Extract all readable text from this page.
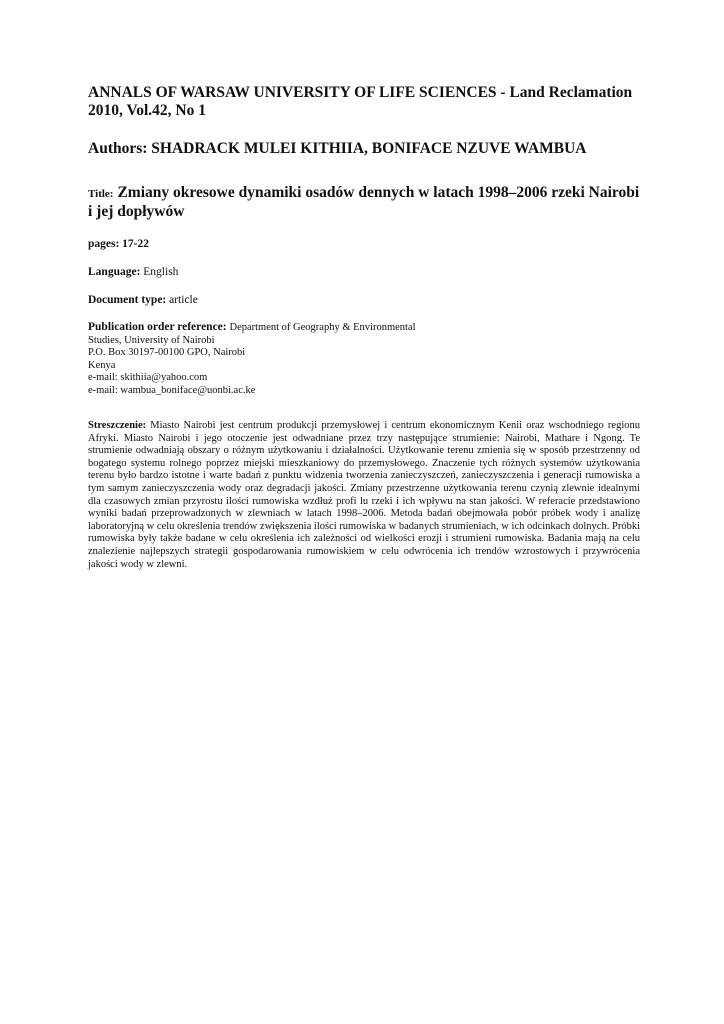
ANNALS OF WARSAW UNIVERSITY OF LIFE SCIENCES - Land Reclamation
2010, Vol.42, No 1
Authors: SHADRACK MULEI KITHIIA, BONIFACE NZUVE WAMBUA
Title: Zmiany okresowe dynamiki osadów dennych w latach 1998–2006 rzeki Nairobi i jej dopływów
pages: 17-22
Language: English
Document type: article
Publication order reference: Department of Geography & Environmental
Studies, University of Nairobi
P.O. Box 30197-00100 GPO, Nairobi
Kenya
e-mail: skithiia@yahoo.com
e-mail: wambua_boniface@uonbi.ac.ke
Streszczenie: Miasto Nairobi jest centrum produkcji przemysłowej i centrum ekonomicznym Kenii oraz wschodniego regionu Afryki. Miasto Nairobi i jego otoczenie jest odwadniane przez trzy następujące strumienie: Nairobi, Mathare i Ngong. Te strumienie odwadniają obszary o różnym użytkowaniu i działalności. Użytkowanie terenu zmienia się w sposób przestrzenny od bogatego systemu rolnego poprzez miejski mieszkaniowy do przemysłowego. Znaczenie tych różnych systemów użytkowania terenu było bardzo istotne i warte badań z punktu widzenia tworzenia zanieczyszczeń, zanieczyszczenia i generacji rumowiska a tym samym zanieczyszczenia wody oraz degradacji jakości. Zmiany przestrzenne użytkowania terenu czynią zlewnie idealnymi dla czasowych zmian przyrostu ilości rumowiska wzdłuż profi lu rzeki i ich wpływu na stan jakości. W referacie przedstawiono wyniki badań przeprowadzonych w zlewniach w latach 1998–2006. Metoda badań obejmowała pobór próbek wody i analizę laboratoryjną w celu określenia trendów zwiększenia ilości rumowiska w badanych strumieniach, w ich odcinkach dolnych. Próbki rumowiska były także badane w celu określenia ich zależności od wielkości erozji i strumieni rumowiska. Badania mają na celu znalezienie najlepszych strategii gospodarowania rumowiskiem w celu odwrócenia ich trendów wzrostowych i przywrócenia jakości wody w zlewni.
